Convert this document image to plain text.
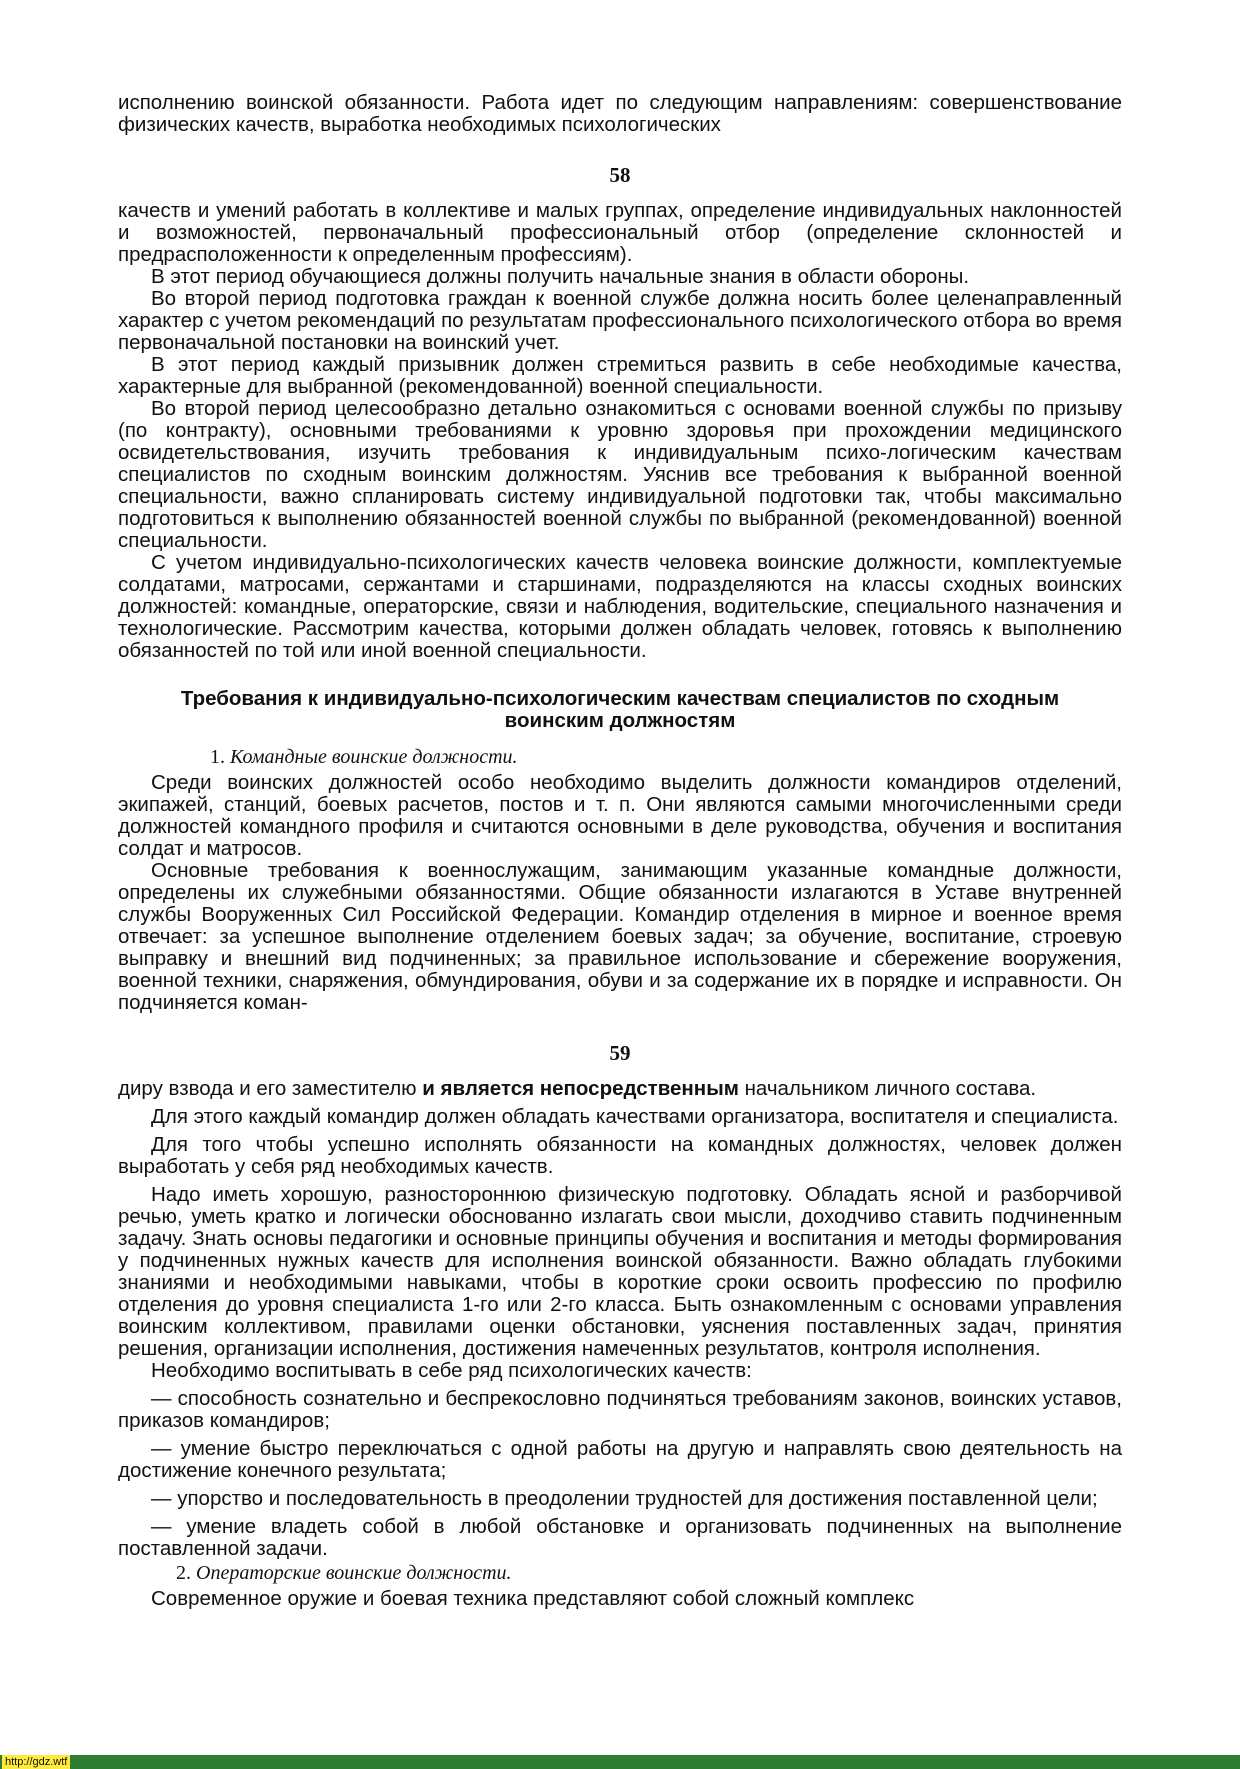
исполнению воинской обязанности. Работа идет по следующим направлениям: совершенствование физических качеств, выработка необходимых психологических

58

качеств и умений работать в коллективе и малых группах, определение индивидуальных наклонностей и возможностей, первоначальный профессиональный отбор (определение склонностей и предрасположенности к определенным профессиям).

В этот период обучающиеся должны получить начальные знания в области обороны.

Во второй период подготовка граждан к военной службе должна носить более целенаправленный характер с учетом рекомендаций по результатам профессионального психологического отбора во время первоначальной постановки на воинский учет.

В этот период каждый призывник должен стремиться развить в себе необходимые качества, характерные для выбранной (рекомендованной) военной специальности.

Во второй период целесообразно детально ознакомиться с основами военной службы по призыву (по контракту), основными требованиями к уровню здоровья при прохождении медицинского освидетельствования, изучить требования к индивидуальным психо-логическим качествам специалистов по сходным воинским должностям. Уяснив все требования к выбранной военной специальности, важно спланировать систему индивидуальной подготовки так, чтобы максимально подготовиться к выполнению обязанностей военной службы по выбранной (рекомендованной) военной специальности.

С учетом индивидуально-психологических качеств человека воинские должности, комплектуемые солдатами, матросами, сержантами и старшинами, подразделяются на классы сходных воинских должностей: командные, операторские, связи и наблюдения, водительские, специального назначения и технологические. Рассмотрим качества, которыми должен обладать человек, готовясь к выполнению обязанностей по той или иной военной специальности.

Требования к индивидуально-психологическим качествам специалистов по сходным воинским должностям
1. Командные воинские должности.

Среди воинских должностей особо необходимо выделить должности командиров отделений, экипажей, станций, боевых расчетов, постов и т. п. Они являются самыми многочисленными среди должностей командного профиля и считаются основными в деле руководства, обучения и воспитания солдат и матросов.

Основные требования к военнослужащим, занимающим указанные командные должности, определены их служебными обязанностями. Общие обязанности излагаются в Уставе внутренней службы Вооруженных Сил Российской Федерации. Командир отделения в мирное и военное время отвечает: за успешное выполнение отделением боевых задач; за обучение, воспитание, строевую выправку и внешний вид подчиненных; за правильное использование и сбережение вооружения, военной техники, снаряжения, обмундирования, обуви и за содержание их в порядке и исправности. Он подчиняется коман-

59

диру взвода и его заместителю и является непосредственным начальником личного состава.

Для этого каждый командир должен обладать качествами организатора, воспитателя и специалиста.

Для того чтобы успешно исполнять обязанности на командных должностях, человек должен выработать у себя ряд необходимых качеств.

Надо иметь хорошую, разностороннюю физическую подготовку. Обладать ясной и разборчивой речью, уметь кратко и логически обоснованно излагать свои мысли, доходчиво ставить подчиненным задачу. Знать основы педагогики и основные принципы обучения и воспитания и методы формирования у подчиненных нужных качеств для исполнения воинской обязанности. Важно обладать глубокими знаниями и необходимыми навыками, чтобы в короткие сроки освоить профессию по профилю отделения до уровня специалиста 1-го или 2-го класса. Быть ознакомленным с основами управления воинским коллективом, правилами оценки обстановки, уяснения поставленных задач, принятия решения, организации исполнения, достижения намеченных результатов, контроля исполнения.

Необходимо воспитывать в себе ряд психологических качеств:

— способность сознательно и беспрекословно подчиняться требованиям законов, воинских уставов, приказов командиров;

— умение быстро переключаться с одной работы на другую и направлять свою деятельность на достижение конечного результата;

— упорство и последовательность в преодолении трудностей для достижения поставленной цели;

— умение владеть собой в любой обстановке и организовать подчиненных на выполнение поставленной задачи.

2. Операторские воинские должности.

Современное оружие и боевая техника представляют собой сложный комплекс

http://gdz.wtf
